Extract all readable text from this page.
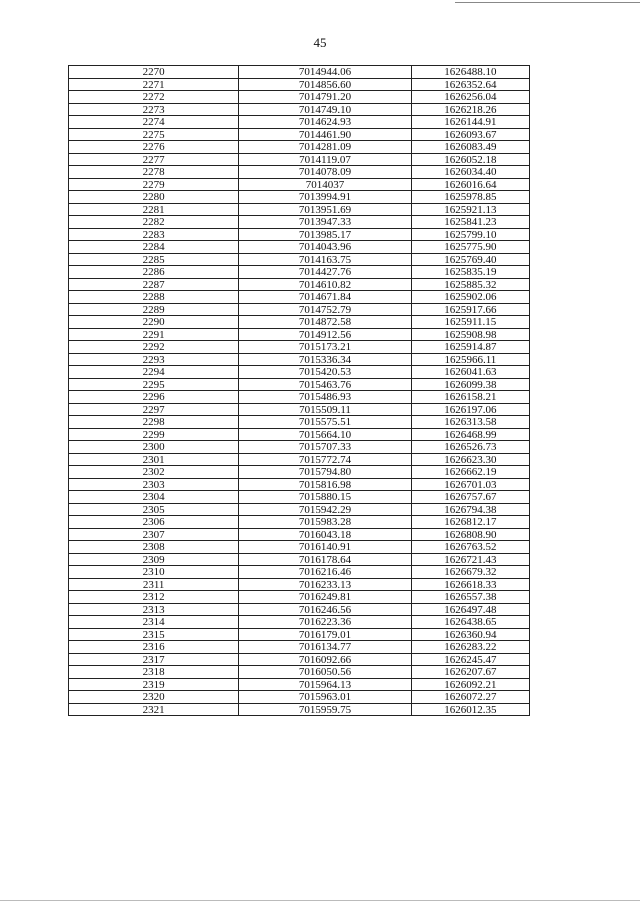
45
2270	7014944.06	1626488.10
2271	7014856.60	1626352.64
2272	7014791.20	1626256.04
2273	7014749.10	1626218.26
2274	7014624.93	1626144.91
2275	7014461.90	1626093.67
2276	7014281.09	1626083.49
2277	7014119.07	1626052.18
2278	7014078.09	1626034.40
2279	7014037	1626016.64
2280	7013994.91	1625978.85
2281	7013951.69	1625921.13
2282	7013947.33	1625841.23
2283	7013985.17	1625799.10
2284	7014043.96	1625775.90
2285	7014163.75	1625769.40
2286	7014427.76	1625835.19
2287	7014610.82	1625885.32
2288	7014671.84	1625902.06
2289	7014752.79	1625917.66
2290	7014872.58	1625911.15
2291	7014912.56	1625908.98
2292	7015173.21	1625914.87
2293	7015336.34	1625966.11
2294	7015420.53	1626041.63
2295	7015463.76	1626099.38
2296	7015486.93	1626158.21
2297	7015509.11	1626197.06
2298	7015575.51	1626313.58
2299	7015664.10	1626468.99
2300	7015707.33	1626526.73
2301	7015772.74	1626623.30
2302	7015794.80	1626662.19
2303	7015816.98	1626701.03
2304	7015880.15	1626757.67
2305	7015942.29	1626794.38
2306	7015983.28	1626812.17
2307	7016043.18	1626808.90
2308	7016140.91	1626763.52
2309	7016178.64	1626721.43
2310	7016216.46	1626679.32
2311	7016233.13	1626618.33
2312	7016249.81	1626557.38
2313	7016246.56	1626497.48
2314	7016223.36	1626438.65
2315	7016179.01	1626360.94
2316	7016134.77	1626283.22
2317	7016092.66	1626245.47
2318	7016050.56	1626207.67
2319	7015964.13	1626092.21
2320	7015963.01	1626072.27
2321	7015959.75	1626012.35
